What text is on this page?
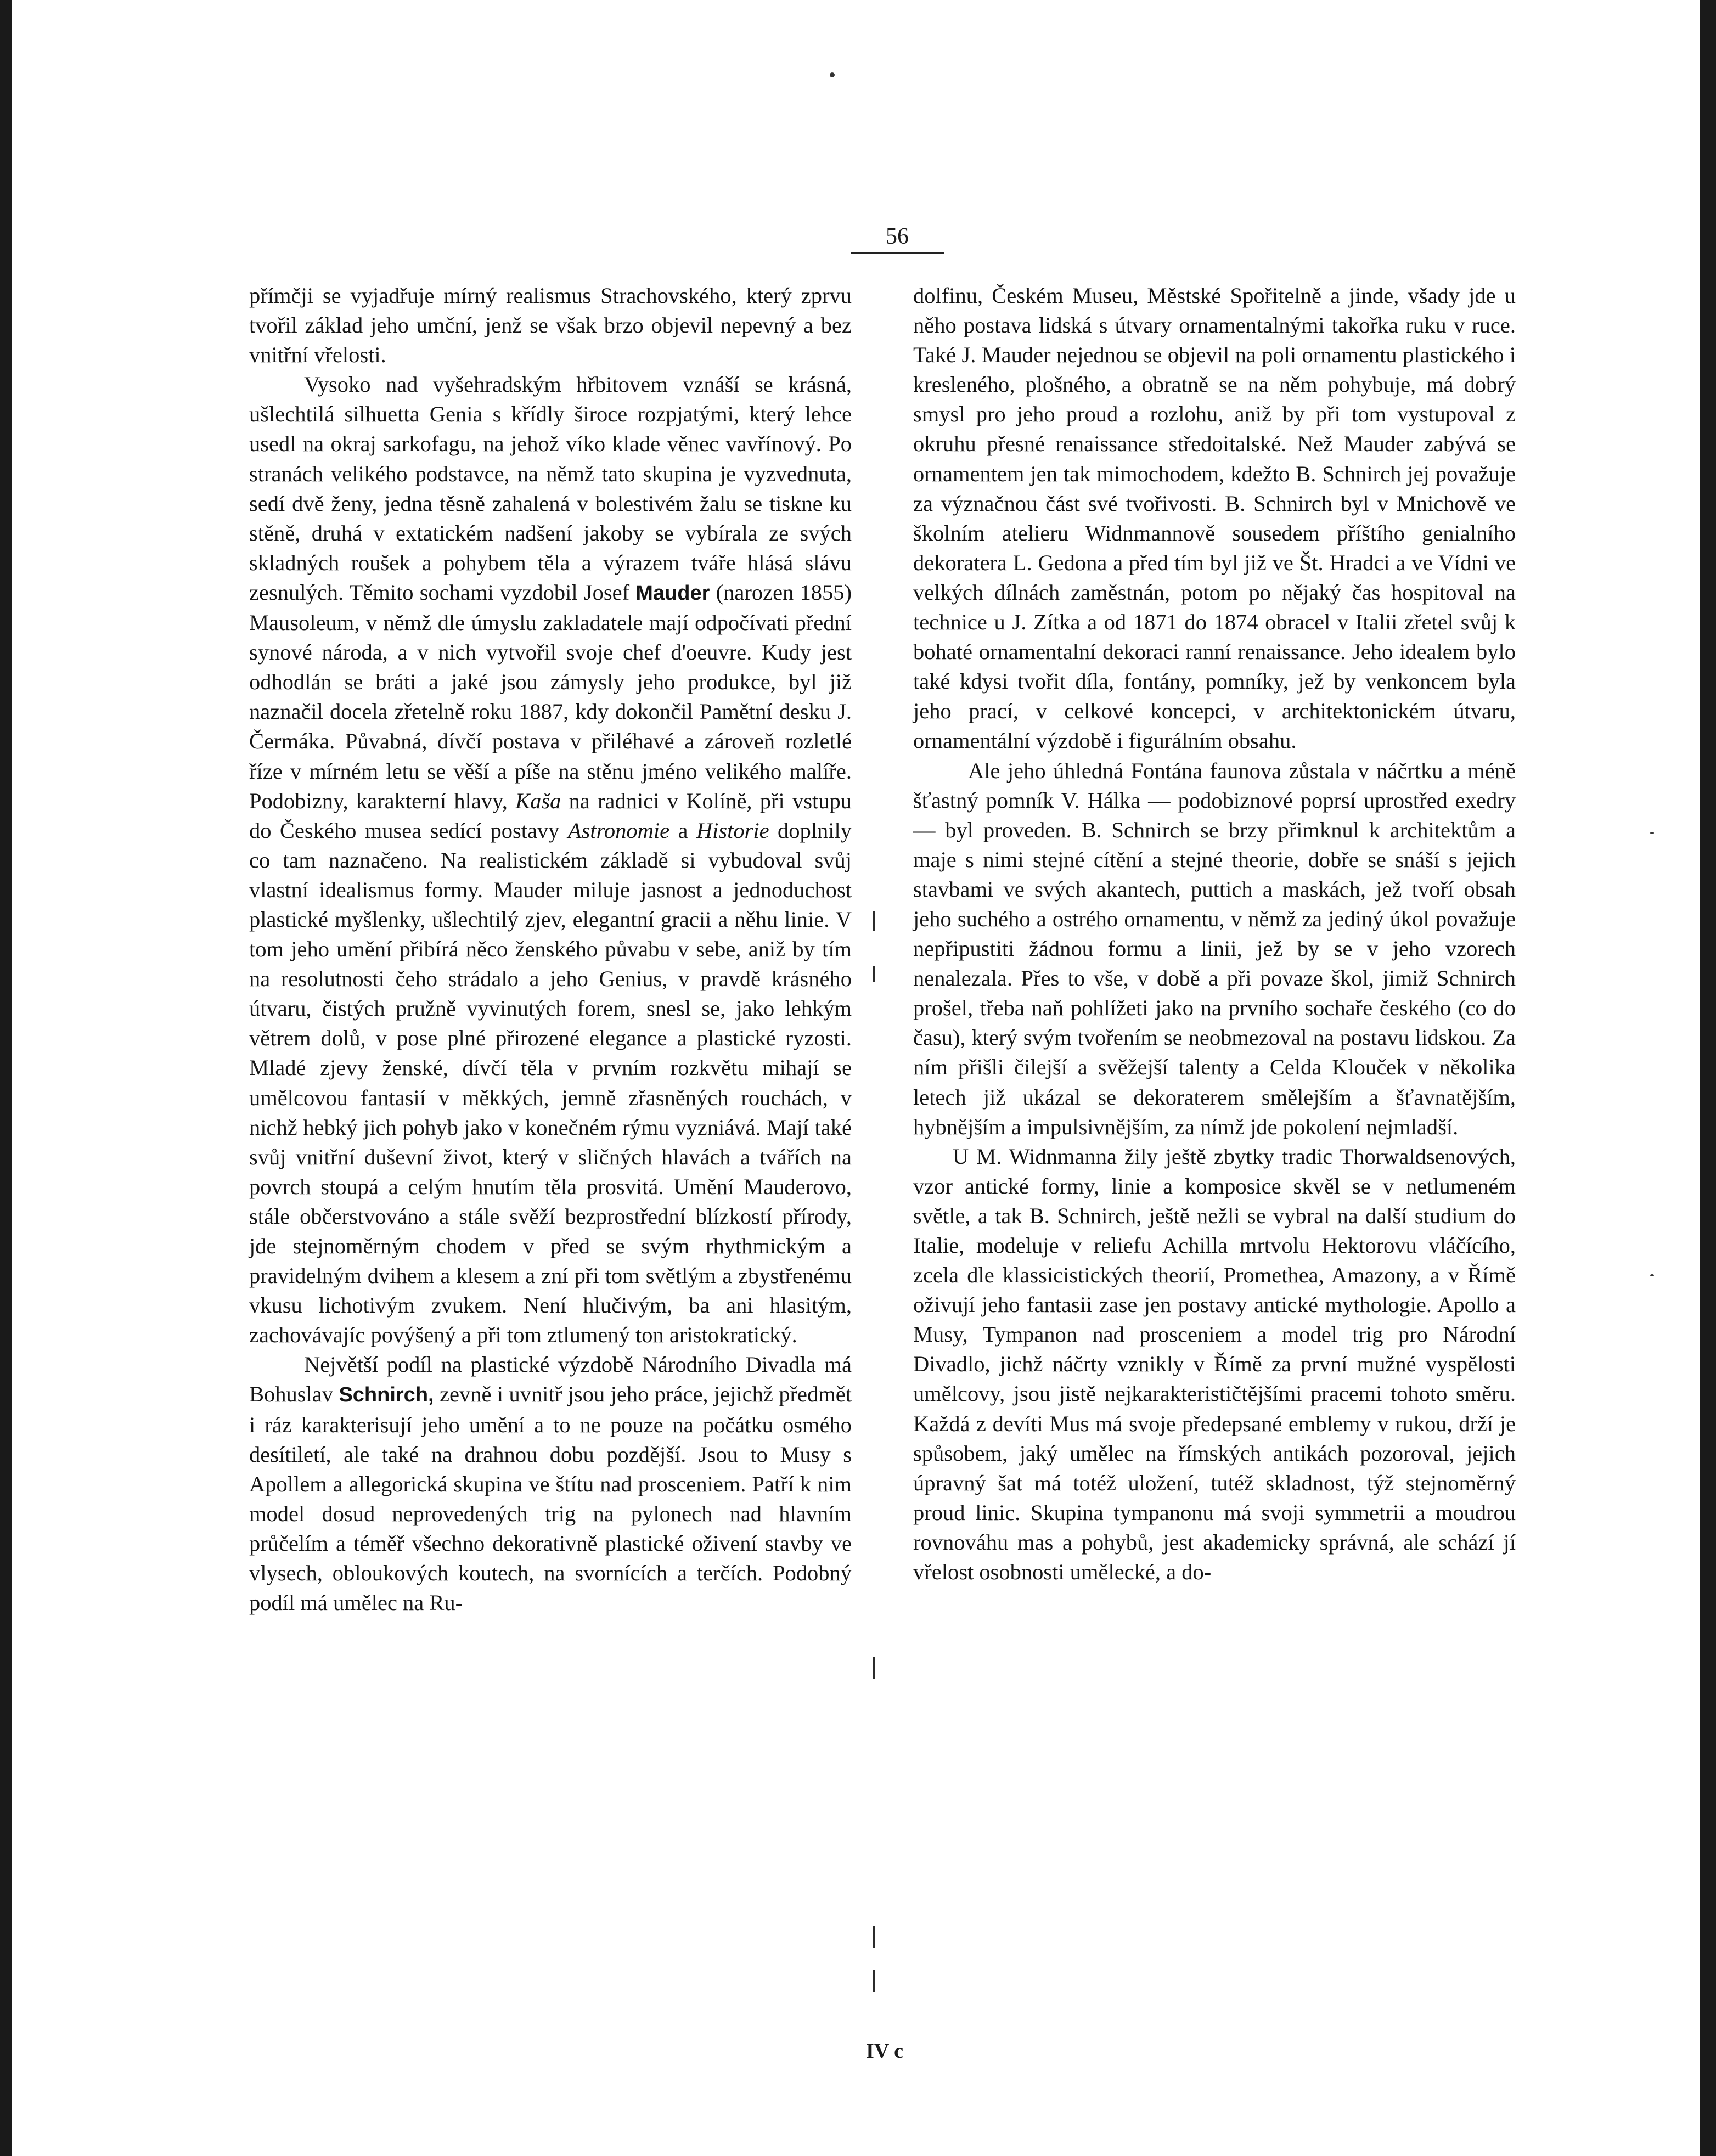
56

přímčji se vyjadřuje mírný realismus Strachovského, který zprvu tvořil základ jeho umční, jenž se však brzo objevil nepevný a bez vnitřní vřelosti.

Vysoko nad vyšehradským hřbitovem vznáší se krásná, ušlechtilá silhuetta Genia s křídly široce rozpjatými, který lehce usedl na okraj sarkofagu, na jehož víko klade věnec vavřínový. Po stranách velikého podstavce, na němž tato skupina je vyzvednuta, sedí dvě ženy, jedna těsně zahalená v bolestivém žalu se tiskne ku stěně, druhá v extatickém nadšení jakoby se vybírala ze svých skladných roušek a pohybem těla a výrazem tváře hlásá slávu zesnulých. Těmito sochami vyzdobil Josef Mauder (narozen 1855) Mausoleum, v němž dle úmyslu zakladatele mají odpočívati přední synové národa, a v nich vytvořil svoje chef d'oeuvre. Kudy jest odhodlán se bráti a jaké jsou zámysly jeho produkce, byl již naznačil docela zřetelně roku 1887, kdy dokončil Pamětní desku J. Čermáka. Půvabná, dívčí postava v přiléhavé a zároveň rozletlé říze v mírném letu se věší a píše na stěnu jméno velikého malíře. Podobizny, karakterní hlavy, Kaša na radnici v Kolíně, při vstupu do Českého musea sedící postavy Astronomie a Historie doplnily co tam naznačeno. Na realistickém základě si vybudoval svůj vlastní idealismus formy. Mauder miluje jasnost a jednoduchost plastické myšlenky, ušlechtilý zjev, elegantní gracii a něhu linie. V tom jeho umění přibírá něco ženského půvabu v sebe, aniž by tím na resolutnosti čeho strádalo a jeho Genius, v pravdě krásného útvaru, čistých pružně vyvinutých forem, snesl se, jako lehkým větrem dolů, v pose plné přirozené elegance a plastické ryzosti. Mladé zjevy ženské, dívčí těla v prvním rozkvětu mihají se umělcovou fantasií v měkkých, jemně zřasněných rouchách, v nichž hebký jich pohyb jako v konečném rýmu vyzniává. Mají také svůj vnitřní duševní život, který v sličných hlavách a tvářích na povrch stoupá a celým hnutím těla prosvitá. Umění Mauderovo, stále občerstvováno a stále svěží bezprostřední blízkostí přírody, jde stejnoměrným chodem v před se svým rhythmickým a pravidelným dvihem a klesem a zní při tom světlým a zbystřenému vkusu lichotivým zvukem. Není hlučivým, ba ani hlasitým, zachovávajíc povýšený a při tom ztlumený ton aristokratický.

Největší podíl na plastické výzdobě Národního Divadla má Bohuslav Schnirch, zevně i uvnitř jsou jeho práce, jejichž předmět i ráz karakterisují jeho umění a to ne pouze na počátku osmého desítiletí, ale také na drahnou dobu pozdější. Jsou to Musy s Apollem a allegorická skupina ve štítu nad prosceniem. Patří k nim model dosud neprovedených trig na pylonech nad hlavním průčelím a téměř všechno dekorativně plastické oživení stavby ve vlysech, obloukových koutech, na svornících a terčích. Podobný podíl má umělec na Ru-

dolfinu, Českém Museu, Městské Spořitelně a jinde, všady jde u něho postava lidská s útvary ornamentalnými takořka ruku v ruce. Také J. Mauder nejednou se objevil na poli ornamentu plastického i kresleného, plošného, a obratně se na něm pohybuje, má dobrý smysl pro jeho proud a rozlohu, aniž by při tom vystupoval z okruhu přesné renaissance středoitalské. Než Mauder zabývá se ornamentem jen tak mimochodem, kdežto B. Schnirch jej považuje za význačnou část své tvořivosti. B. Schnirch byl v Mnichově ve školním atelieru Widnmannově sousedem příštího genialního dekoratera L. Gedona a před tím byl již ve Št. Hradci a ve Vídni ve velkých dílnách zaměstnán, potom po nějaký čas hospitoval na technice u J. Zítka a od 1871 do 1874 obracel v Italii zřetel svůj k bohaté ornamentalní dekoraci ranní renaissance. Jeho idealem bylo také kdysi tvořit díla, fontány, pomníky, jež by venkoncem byla jeho prací, v celkové koncepci, v architektonickém útvaru, ornamentální výzdobě i figurálním obsahu.

Ale jeho úhledná Fontána faunova zůstala v náčrtku a méně šťastný pomník V. Hálka — podobiznové poprsí uprostřed exedry — byl proveden. B. Schnirch se brzy přimknul k architektům a maje s nimi stejné cítění a stejné theorie, dobře se snáší s jejich stavbami ve svých akantech, puttich a maskách, jež tvoří obsah jeho suchého a ostrého ornamentu, v němž za jediný úkol považuje nepřipustiti žádnou formu a linii, jež by se v jeho vzorech nenalezala. Přes to vše, v době a při povaze škol, jimiž Schnirch prošel, třeba naň pohlížeti jako na prvního sochaře českého (co do času), který svým tvořením se neobmezoval na postavu lidskou. Za ním přišli čilejší a svěžejší talenty a Celda Klouček v několika letech již ukázal se dekoraterem smělejším a šťavnatějším, hybnějším a impulsivnějším, za nímž jde pokolení nejmladší.

U M. Widnmanna žily ještě zbytky tradic Thorwaldsenových, vzor antické formy, linie a komposice skvěl se v netlumeném světle, a tak B. Schnirch, ještě nežli se vybral na další studium do Italie, modeluje v reliefu Achilla mrtvolu Hektorovu vláčícího, zcela dle klassicistických theorií, Promethea, Amazony, a v Římě oživují jeho fantasii zase jen postavy antické mythologie. Apollo a Musy, Tympanon nad prosceniem a model trig pro Národní Divadlo, jichž náčrty vznikly v Římě za první mužné vyspělosti umělcovy, jsou jistě nejkarakterističtějšími pracemi tohoto směru. Každá z devíti Mus má svoje předepsané emblemy v rukou, drží je spůsobem, jaký umělec na římských antikách pozoroval, jejich úpravný šat má totéž uložení, tutéž skladnost, týž stejnoměrný proud linic. Skupina tympanonu má svoji symmetrii a moudrou rovnováhu mas a pohybů, jest akademicky správná, ale schází jí vřelost osobnosti umělecké, a do-

IV c
